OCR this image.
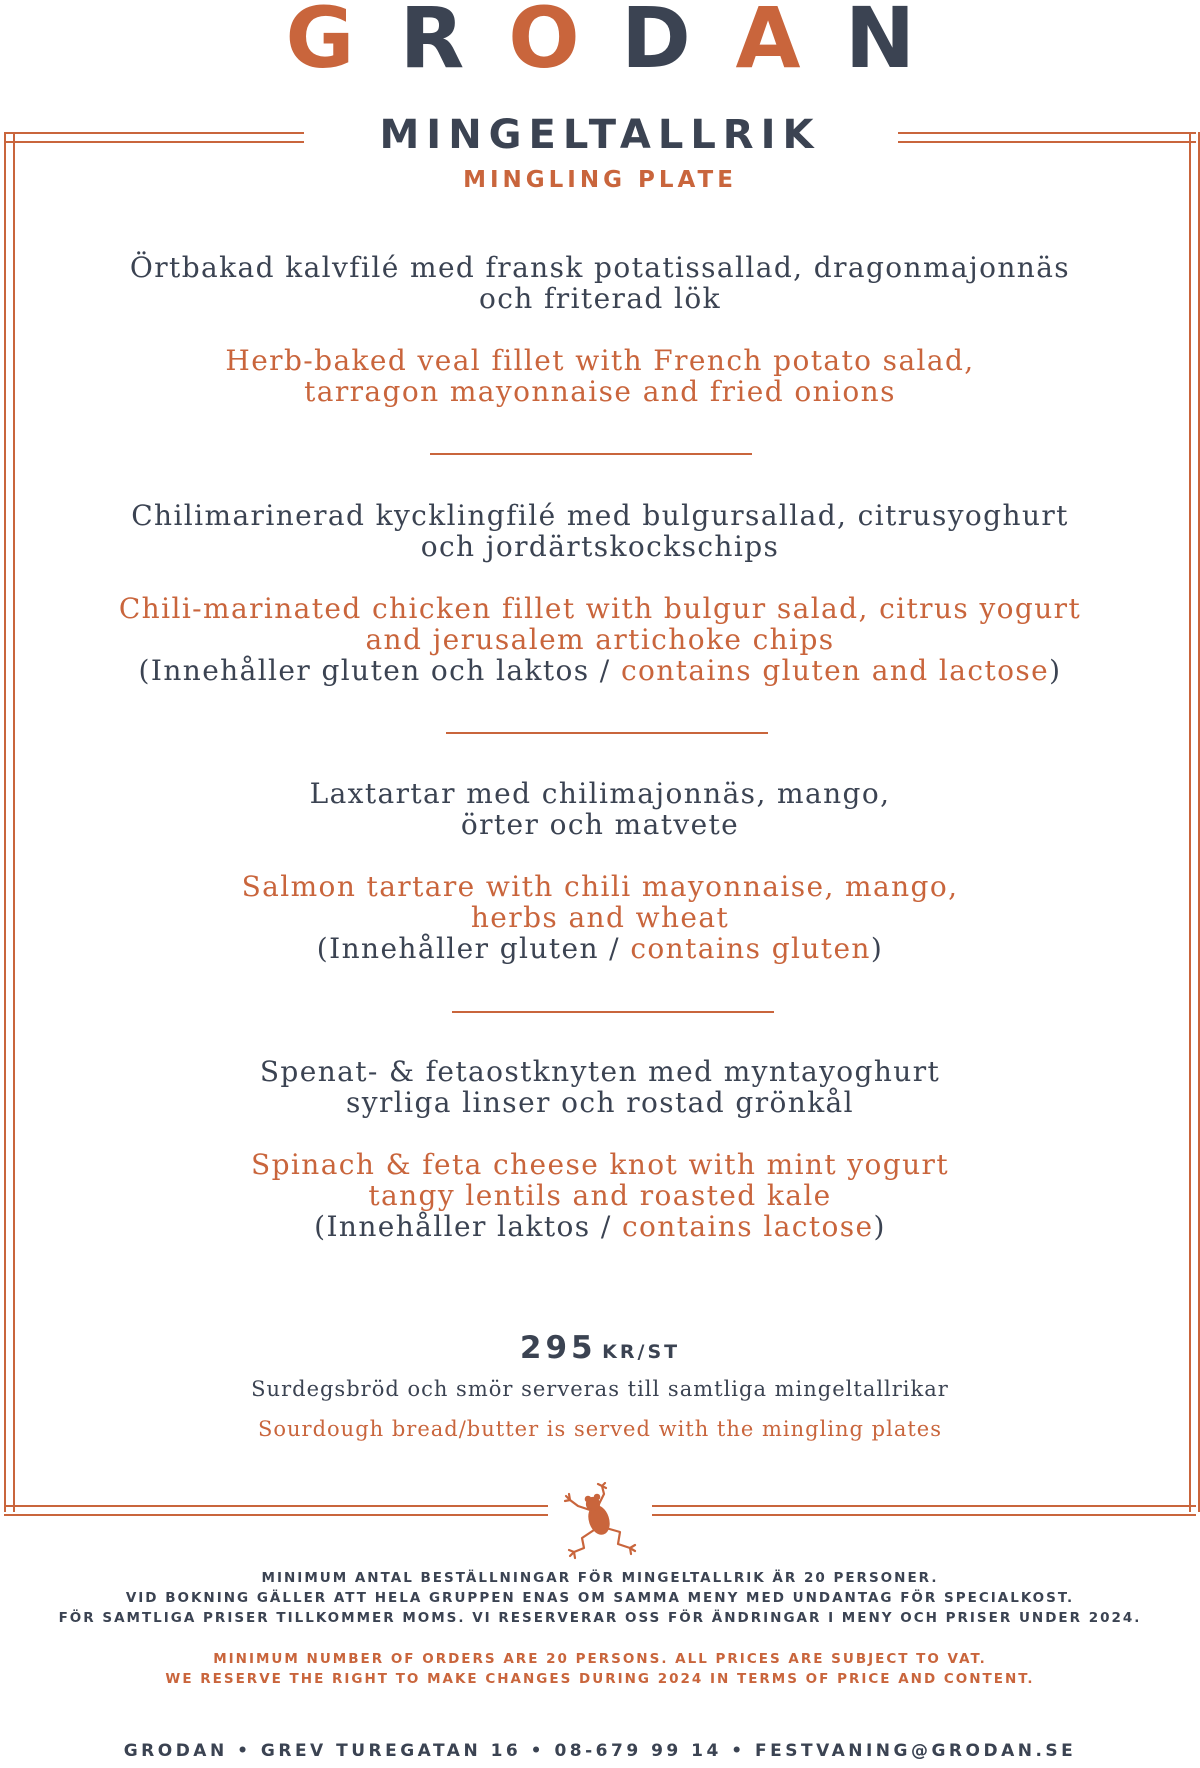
G R O D A N
MINGELTALLRIK
MINGLING PLATE

Örtbakad kalvfilé med fransk potatissallad, dragonmajonnäs

och friterad lök

Herb-baked veal fillet with French potato salad,

tarragon mayonnaise and fried onions

Chilimarinerad kycklingfilé med bulgursallad, citrusyoghurt

och jordärtskockschips

Chili-marinated chicken fillet with bulgur salad, citrus yogurt

and jerusalem artichoke chips

(Innehåller gluten och laktos / contains gluten and lactose)

Laxtartar med chilimajonnäs, mango,

örter och matvete

Salmon tartare with chili mayonnaise, mango,

herbs and wheat

(Innehåller gluten / contains gluten)

Spenat- & fetaostknyten med myntayoghurt

syrliga linser och rostad grönkål

Spinach & feta cheese knot with mint yogurt

tangy lentils and roasted kale

(Innehåller laktos / contains lactose)

295 KR/ST
Surdegsbröd och smör serveras till samtliga mingeltallrikar
Sourdough bread/butter is served with the mingling plates
MINIMUM ANTAL BESTÄLLNINGAR FÖR MINGELTALLRIK ÄR 20 PERSONER.
VID BOKNING GÄLLER ATT HELA GRUPPEN ENAS OM SAMMA MENY MED UNDANTAG FÖR SPECIALKOST.
FÖR SAMTLIGA PRISER TILLKOMMER MOMS. VI RESERVERAR OSS FÖR ÄNDRINGAR I MENY OCH PRISER UNDER 2024.
MINIMUM NUMBER OF ORDERS ARE 20 PERSONS. ALL PRICES ARE SUBJECT TO VAT.
WE RESERVE THE RIGHT TO MAKE CHANGES DURING 2024 IN TERMS OF PRICE AND CONTENT.
GRODAN • GREV TUREGATAN 16 • 08-679 99 14 • FESTVANING@GRODAN.SE
